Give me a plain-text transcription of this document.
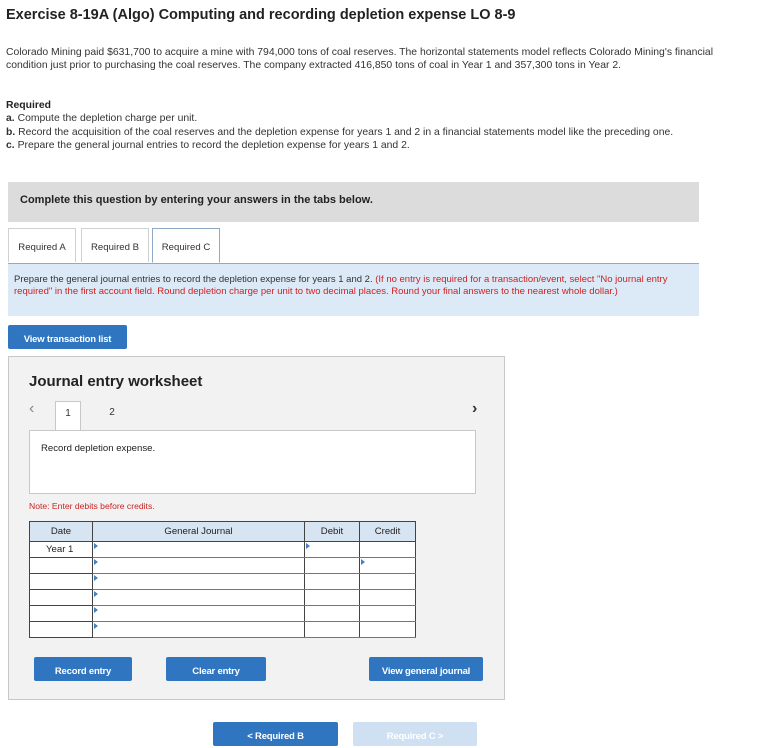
Exercise 8-19A (Algo) Computing and recording depletion expense LO 8-9
Colorado Mining paid $631,700 to acquire a mine with 794,000 tons of coal reserves. The horizontal statements model reflects Colorado Mining's financial condition just prior to purchasing the coal reserves. The company extracted 416,850 tons of coal in Year 1 and 357,300 tons in Year 2.
Required
a. Compute the depletion charge per unit.
b. Record the acquisition of the coal reserves and the depletion expense for years 1 and 2 in a financial statements model like the preceding one.
c. Prepare the general journal entries to record the depletion expense for years 1 and 2.
Complete this question by entering your answers in the tabs below.
Required A	Required B	Required C
Prepare the general journal entries to record the depletion expense for years 1 and 2. (If no entry is required for a transaction/event, select "No journal entry required" in the first account field. Round depletion charge per unit to two decimal places. Round your final answers to the nearest whole dollar.)
View transaction list
Journal entry worksheet
‹	1	2	›
Record depletion expense.
Note: Enter debits before credits.
Date	General Journal	Debit	Credit
Year 1	

Record entry	Clear entry	View general journal
< Required B	Required C >
